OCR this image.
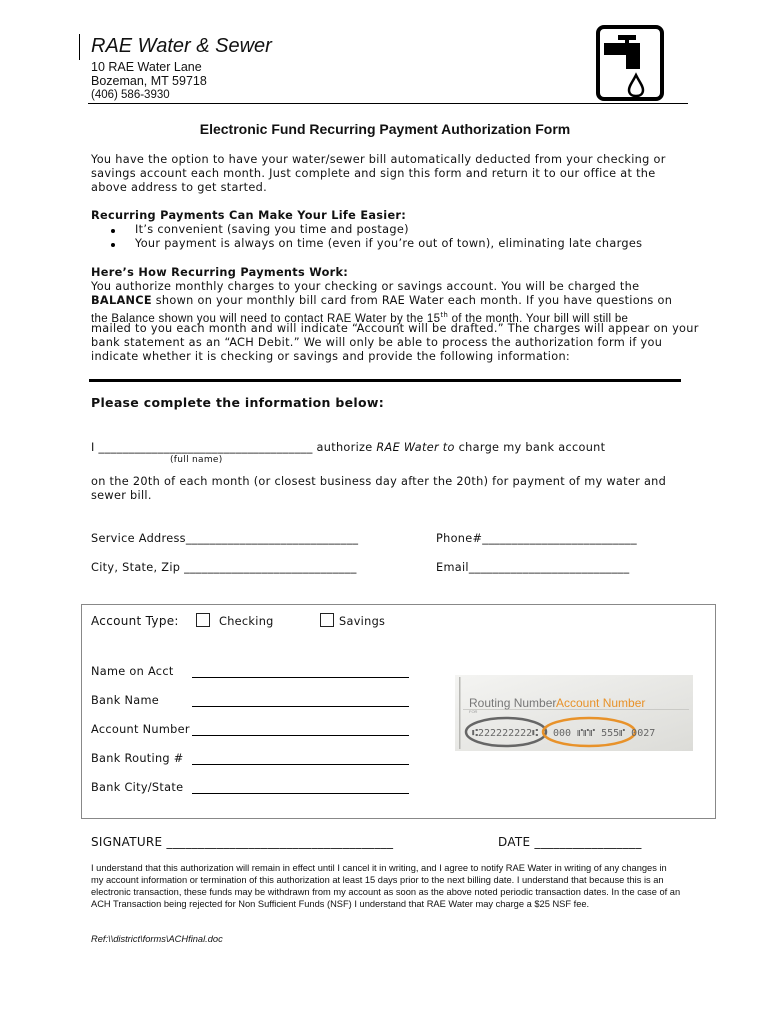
RAE Water & Sewer
10 RAE Water Lane
Bozeman, MT 59718
(406) 586-3930
Electronic Fund Recurring Payment Authorization Form
You have the option to have your water/sewer bill automatically deducted from your checking or savings account each month. Just complete and sign this form and return it to our office at the above address to get started.
Recurring Payments Can Make Your Life Easier:
It’s convenient (saving you time and postage)
Your payment is always on time (even if you’re out of town), eliminating late charges
Here’s How Recurring Payments Work:
You authorize monthly charges to your checking or savings account. You will be charged the
BALANCE shown on your monthly bill card from RAE Water each month. If you have questions on
the Balance shown you will need to contact RAE Water by the 15th of the month. Your bill will still be
mailed to you each month and will indicate “Account will be drafted.” The charges will appear on your
bank statement as an “ACH Debit.” We will only be able to process the authorization form if you
indicate whether it is checking or savings and provide the following information:
Please complete the information below:
I ____________________________________ authorize RAE Water to charge my bank account
(full name)
on the 20th of each month (or closest business day after the 20th) for payment of my water and sewer bill.
Service Address_____________________________	Phone#__________________________
City, State, Zip _____________________________	Email___________________________
Account Type:	Checking	Savings
Name on Acct
Bank Name
Account Number
Bank Routing #
Bank City/State
Routing Number Account Number
FOR
⑆222222222⑆ 000 ⑈⑈⑈ 555⑈ 0027
SIGNATURE ____________________________________	DATE _________________
I understand that this authorization will remain in effect until I cancel it in writing, and I agree to notify RAE Water in writing of any changes in my account information or termination of this authorization at least 15 days prior to the next billing date. I understand that because this is an electronic transaction, these funds may be withdrawn from my account as soon as the above noted periodic transaction dates. In the case of an ACH Transaction being rejected for Non Sufficient Funds (NSF) I understand that RAE Water may charge a $25 NSF fee.
Ref:\\district\forms\ACHfinal.doc
